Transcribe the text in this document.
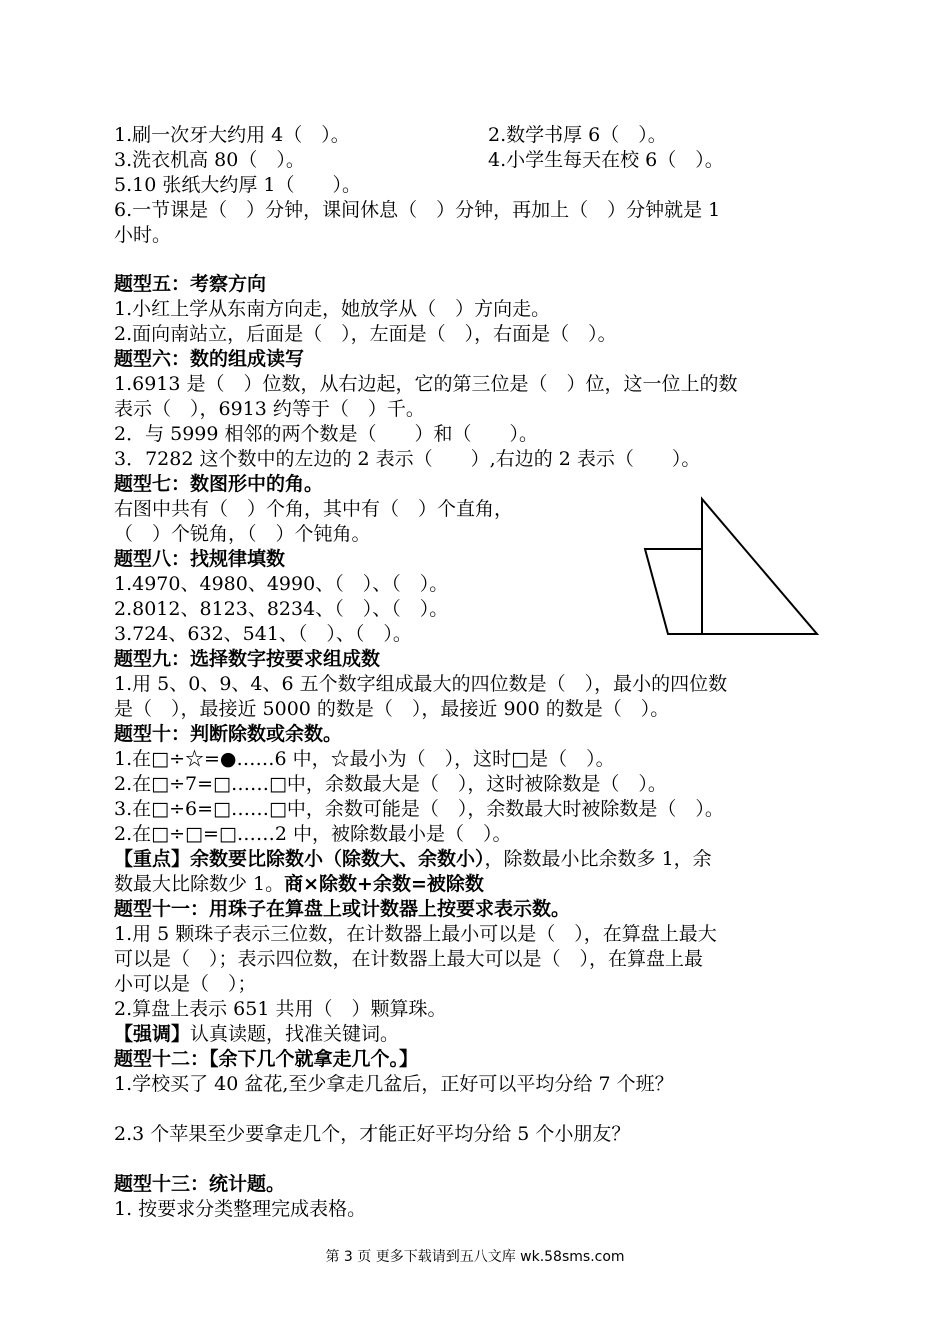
1.刷一次牙大约用 4（　）。	2.数学书厚 6（　）。
3.洗衣机高 80（　）。	4.小学生每天在校 6（　）。
5.10 张纸大约厚 1（　　）。
6.一节课是（　）分钟，课间休息（　）分钟，再加上（　）分钟就是 1
小时。
题型五：考察方向
1.小红上学从东南方向走，她放学从（　）方向走。
2.面向南站立，后面是（　），左面是（　），右面是（　）。
题型六：数的组成读写
1.6913 是（　）位数，从右边起，它的第三位是（　）位，这一位上的数
表示（　），6913 约等于（　）千。
2．与 5999 相邻的两个数是（　　）和（　　）。
3．7282 这个数中的左边的 2 表示（　　）,右边的 2 表示（　　）。
题型七：数图形中的角。
右图中共有（　）个角，其中有（　）个直角，
（　）个锐角，（　）个钝角。
题型八：找规律填数
1.4970、4980、4990、（　）、（　）。
2.8012、8123、8234、（　）、（　）。
3.724、632、541、（　）、（　）。
题型九：选择数字按要求组成数
1.用 5、0、9、4、6 五个数字组成最大的四位数是（　），最小的四位数
是（　），最接近 5000 的数是（　），最接近 900 的数是（　）。
题型十：判断除数或余数。
1.在□÷☆=●……6 中，☆最小为（　），这时□是（　）。
2.在□÷7=□……□中，余数最大是（　），这时被除数是（　）。
3.在□÷6=□……□中，余数可能是（　），余数最大时被除数是（　）。
2.在□÷□=□……2 中，被除数最小是（　）。
【重点】余数要比除数小（除数大、余数小），除数最小比余数多 1，余
数最大比除数少 1。商×除数+余数=被除数
题型十一：用珠子在算盘上或计数器上按要求表示数。
1.用 5 颗珠子表示三位数，在计数器上最小可以是（　），在算盘上最大
可以是（　）；表示四位数，在计数器上最大可以是（　），在算盘上最
小可以是（　）；
2.算盘上表示 651 共用（　）颗算珠。
【强调】认真读题，找准关键词。
题型十二：【余下几个就拿走几个。】
1.学校买了 40 盆花,至少拿走几盆后，正好可以平均分给 7 个班？
2.3 个苹果至少要拿走几个，才能正好平均分给 5 个小朋友？
题型十三：统计题。
1. 按要求分类整理完成表格。
第 3 页 更多下载请到五八文库 wk.58sms.com
